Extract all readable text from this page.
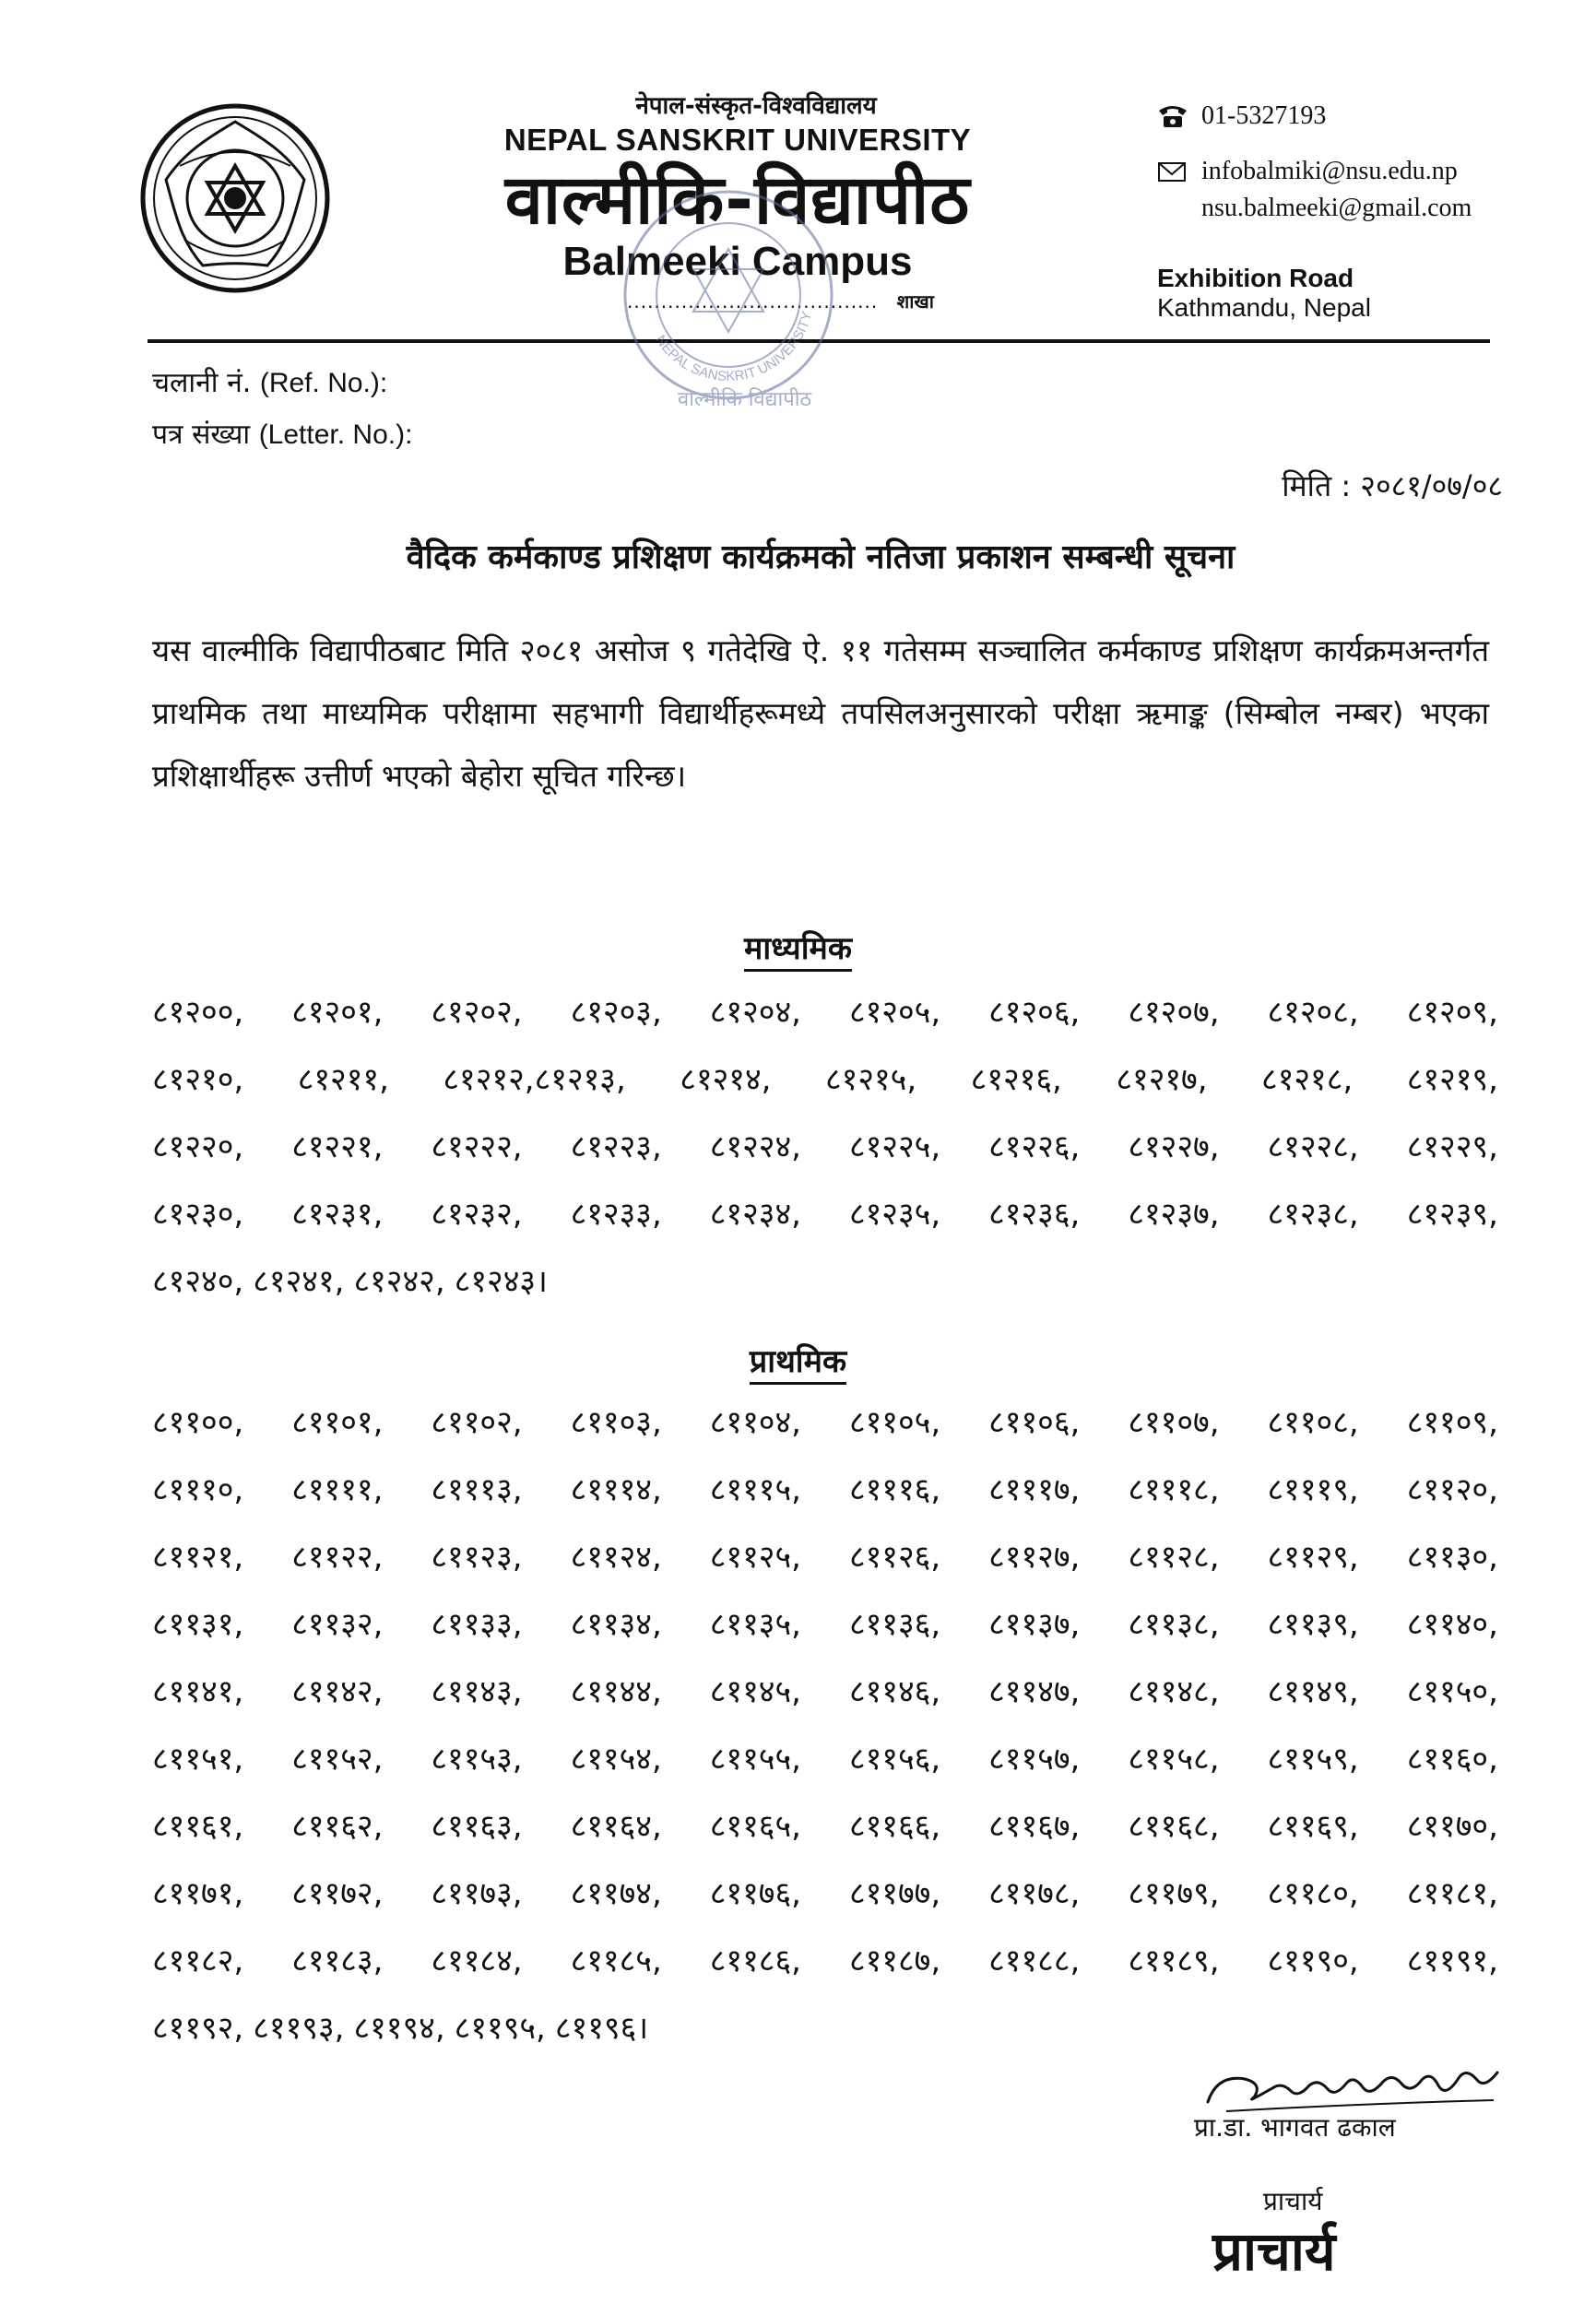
नेपाल-संस्कृत-विश्वविद्यालय
NEPAL SANSKRIT UNIVERSITY
वाल्मीकि-विद्यापीठ
Balmeeki Campus
..................................... शाखा
01-5327193
infobalmiki@nsu.edu.np
nsu.balmeeki@gmail.com
Exhibition Road
Kathmandu, Nepal
NEPAL SANSKRIT UNIVERSITY
वाल्मीकि विद्यापीठ
चलानी नं. (Ref. No.):
पत्र संख्या (Letter. No.):
मिति : २०८१/०७/०८
वैदिक कर्मकाण्ड प्रशिक्षण कार्यक्रमको नतिजा प्रकाशन सम्बन्धी सूचना
यस वाल्मीकि विद्यापीठबाट मिति २०८१ असोज ९ गतेदेखि ऐ. ११ गतेसम्म सञ्चालित कर्मकाण्ड प्रशिक्षण कार्यक्रमअन्तर्गत प्राथमिक तथा माध्यमिक परीक्षामा सहभागी विद्यार्थीहरूमध्ये तपसिलअनुसारको परीक्षा ऋमाङ्क (सिम्बोल नम्बर) भएका प्रशिक्षार्थीहरू उत्तीर्ण भएको बेहोरा सूचित गरिन्छ।
माध्यमिक
८१२००, ८१२०१, ८१२०२, ८१२०३, ८१२०४, ८१२०५, ८१२०६, ८१२०७, ८१२०८, ८१२०९,
८१२१०, ८१२११, ८१२१२,८१२१३, ८१२१४, ८१२१५, ८१२१६, ८१२१७, ८१२१८, ८१२१९,
८१२२०, ८१२२१, ८१२२२, ८१२२३, ८१२२४, ८१२२५, ८१२२६, ८१२२७, ८१२२८, ८१२२९,
८१२३०, ८१२३१, ८१२३२, ८१२३३, ८१२३४, ८१२३५, ८१२३६, ८१२३७, ८१२३८, ८१२३९,
८१२४०, ८१२४१, ८१२४२, ८१२४३।
प्राथमिक
८११००, ८११०१, ८११०२, ८११०३, ८११०४, ८११०५, ८११०६, ८११०७, ८११०८, ८११०९,
८१११०, ८११११, ८१११३, ८१११४, ८१११५, ८१११६, ८१११७, ८१११८, ८१११९, ८११२०,
८११२१, ८११२२, ८११२३, ८११२४, ८११२५, ८११२६, ८११२७, ८११२८, ८११२९, ८११३०,
८११३१, ८११३२, ८११३३, ८११३४, ८११३५, ८११३६, ८११३७, ८११३८, ८११३९, ८११४०,
८११४१, ८११४२, ८११४३, ८११४४, ८११४५, ८११४६, ८११४७, ८११४८, ८११४९, ८११५०,
८११५१, ८११५२, ८११५३, ८११५४, ८११५५, ८११५६, ८११५७, ८११५८, ८११५९, ८११६०,
८११६१, ८११६२, ८११६३, ८११६४, ८११६५, ८११६६, ८११६७, ८११६८, ८११६९, ८११७०,
८११७१, ८११७२, ८११७३, ८११७४, ८११७६, ८११७७, ८११७८, ८११७९, ८११८०, ८११८१,
८११८२, ८११८३, ८११८४, ८११८५, ८११८६, ८११८७, ८११८८, ८११८९, ८११९०, ८११९१,
८११९२, ८११९३, ८११९४, ८११९५, ८११९६।
प्रा.डा. भागवत ढकाल
प्राचार्य
प्राचार्य
